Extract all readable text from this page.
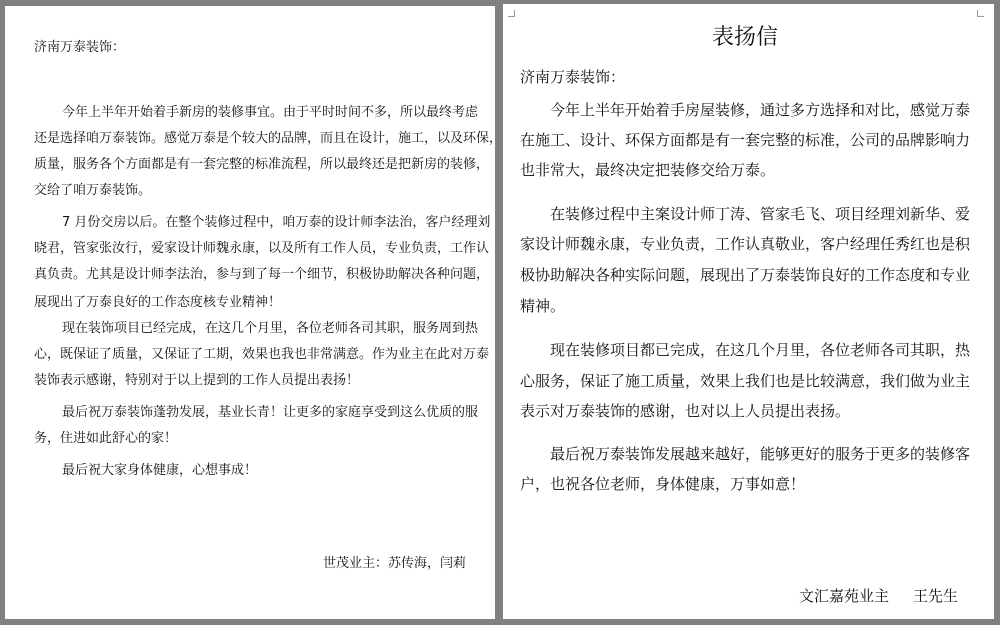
济南万泰装饰：
今年上半年开始着手新房的装修事宜。由于平时时间不多，所以最终考虑
还是选择咱万泰装饰。感觉万泰是个较大的品牌，而且在设计，施工，以及环保，
质量，服务各个方面都是有一套完整的标准流程，所以最终还是把新房的装修，
交给了咱万泰装饰。
7 月份交房以后。在整个装修过程中，咱万泰的设计师李法治，客户经理刘
晓君，管家张汝行，爱家设计师魏永康，以及所有工作人员，专业负责，工作认
真负责。尤其是设计师李法治，参与到了每一个细节，积极协助解决各种问题，
展现出了万泰良好的工作态度核专业精神！
现在装饰项目已经完成，在这几个月里，各位老师各司其职，服务周到热
心，既保证了质量，又保证了工期，效果也我也非常满意。作为业主在此对万泰
装饰表示感谢，特别对于以上提到的工作人员提出表扬！
最后祝万泰装饰蓬勃发展，基业长青！让更多的家庭享受到这么优质的服
务，住进如此舒心的家！
最后祝大家身体健康，心想事成！
世茂业主：苏传海，闫莉
表扬信
济南万泰装饰：
今年上半年开始着手房屋装修，通过多方选择和对比，感觉万泰
在施工、设计、环保方面都是有一套完整的标准，公司的品牌影响力
也非常大，最终决定把装修交给万泰。
在装修过程中主案设计师丁涛、管家毛飞、项目经理刘新华、爱
家设计师魏永康，专业负责，工作认真敬业，客户经理任秀红也是积
极协助解决各种实际问题，展现出了万泰装饰良好的工作态度和专业
精神。
现在装修项目都已完成，在这几个月里，各位老师各司其职，热
心服务，保证了施工质量，效果上我们也是比较满意，我们做为业主
表示对万泰装饰的感谢，也对以上人员提出表扬。
最后祝万泰装饰发展越来越好，能够更好的服务于更多的装修客
户，也祝各位老师，身体健康，万事如意！
文汇嘉苑业主 王先生
